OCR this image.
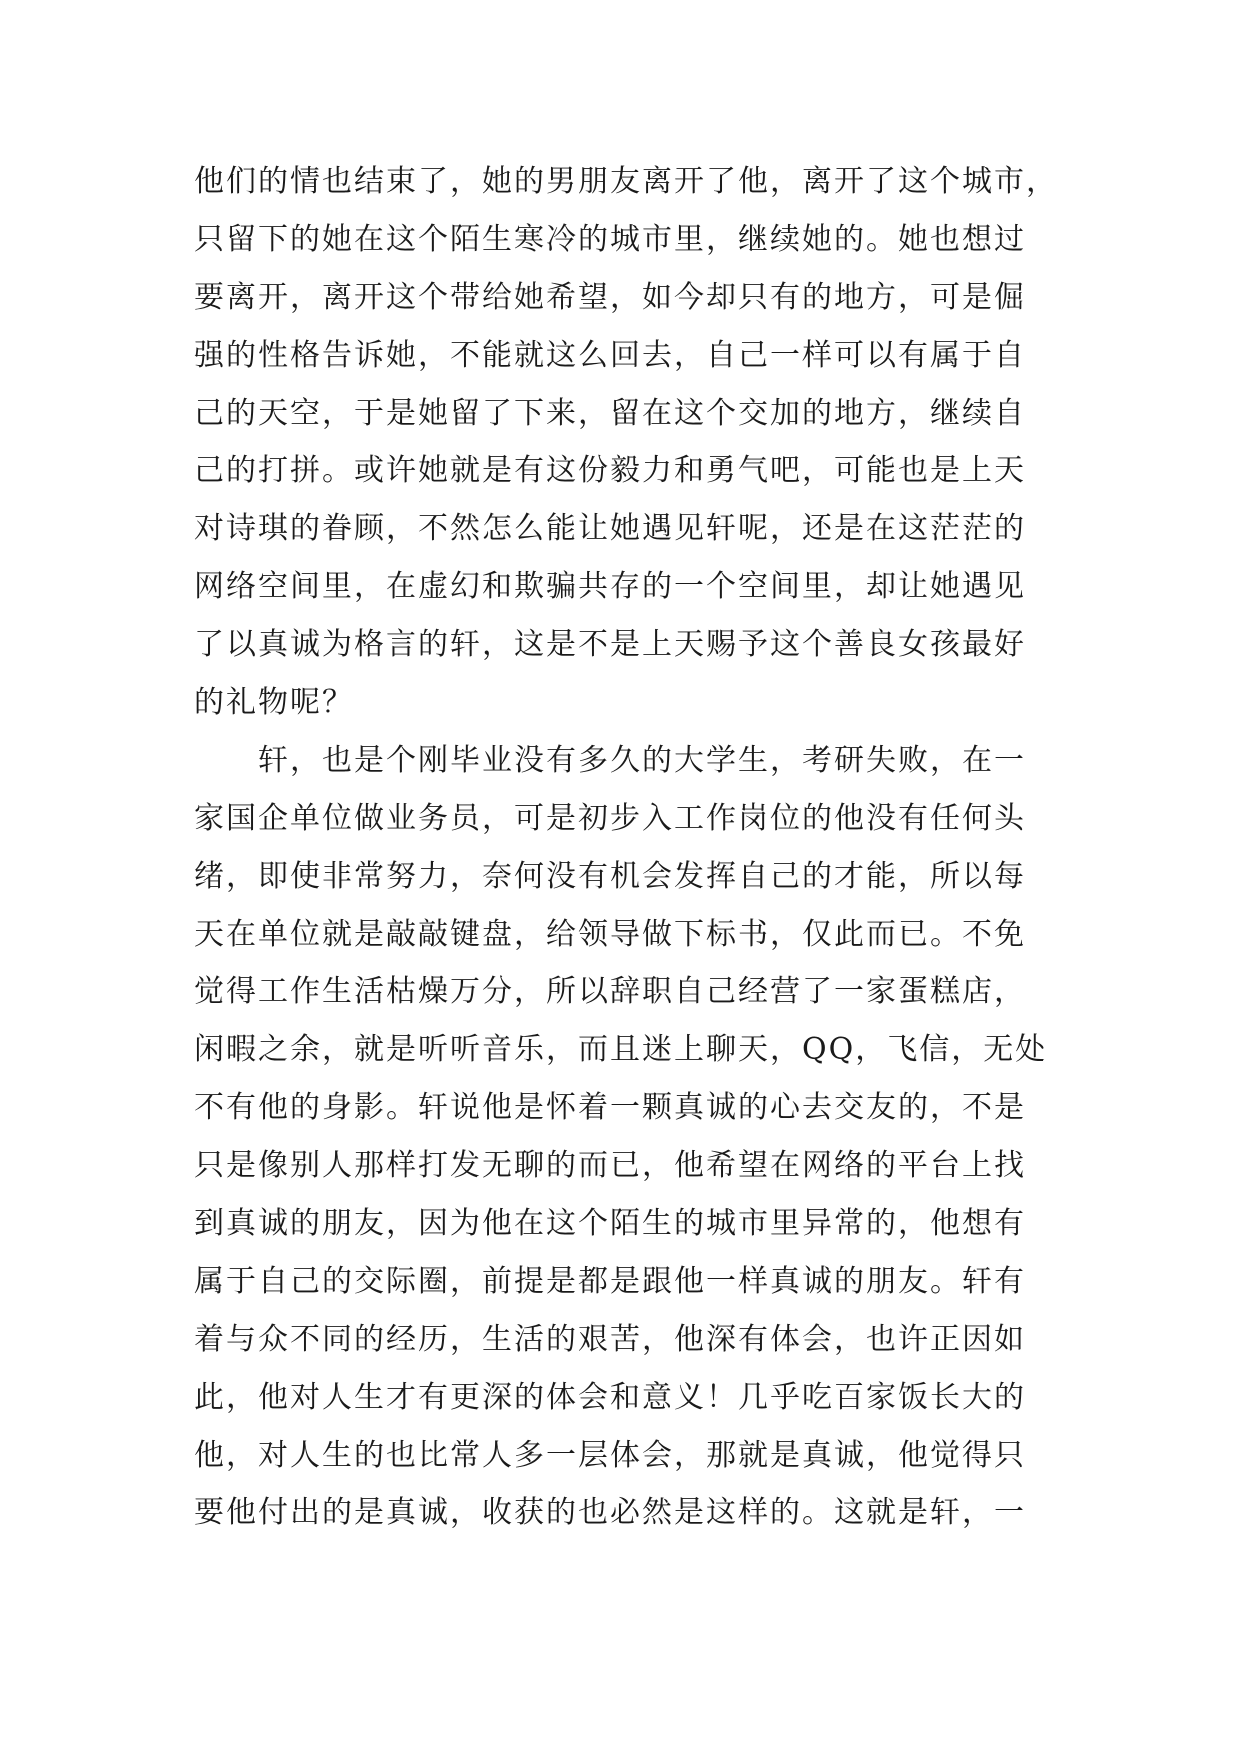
他们的情也结束了，她的男朋友离开了他，离开了这个城市，
只留下的她在这个陌生寒冷的城市里，继续她的。她也想过
要离开，离开这个带给她希望，如今却只有的地方，可是倔
强的性格告诉她，不能就这么回去，自己一样可以有属于自
己的天空，于是她留了下来，留在这个交加的地方，继续自
己的打拼。或许她就是有这份毅力和勇气吧，可能也是上天
对诗琪的眷顾，不然怎么能让她遇见轩呢，还是在这茫茫的
网络空间里，在虚幻和欺骗共存的一个空间里，却让她遇见
了以真诚为格言的轩，这是不是上天赐予这个善良女孩最好
的礼物呢？
　　轩，也是个刚毕业没有多久的大学生，考研失败，在一
家国企单位做业务员，可是初步入工作岗位的他没有任何头
绪，即使非常努力，奈何没有机会发挥自己的才能，所以每
天在单位就是敲敲键盘，给领导做下标书，仅此而已。不免
觉得工作生活枯燥万分，所以辞职自己经营了一家蛋糕店，
闲暇之余，就是听听音乐，而且迷上聊天，QQ，飞信，无处
不有他的身影。轩说他是怀着一颗真诚的心去交友的，不是
只是像别人那样打发无聊的而已，他希望在网络的平台上找
到真诚的朋友，因为他在这个陌生的城市里异常的，他想有
属于自己的交际圈，前提是都是跟他一样真诚的朋友。轩有
着与众不同的经历，生活的艰苦，他深有体会，也许正因如
此，他对人生才有更深的体会和意义！几乎吃百家饭长大的
他，对人生的也比常人多一层体会，那就是真诚，他觉得只
要他付出的是真诚，收获的也必然是这样的。这就是轩，一
